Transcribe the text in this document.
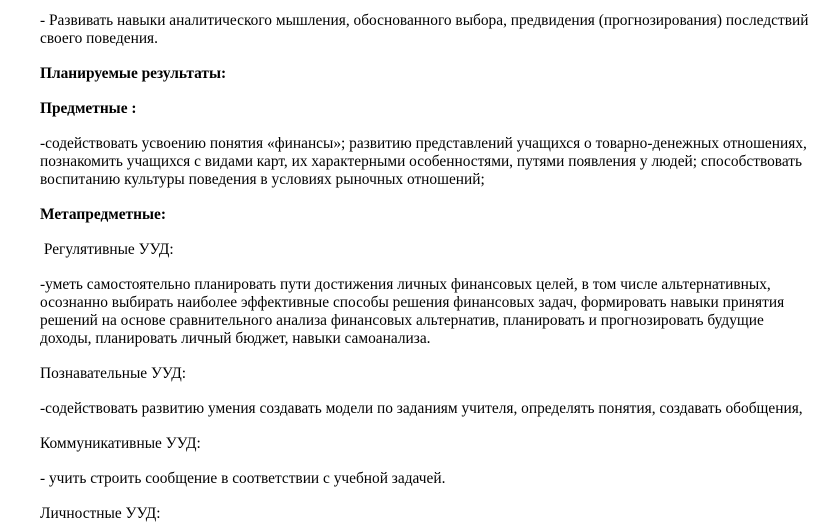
- Развивать навыки аналитического мышления, обоснованного выбора, предвидения (прогнозирования) последствий своего поведения.

Планируемые результаты:

Предметные :

-содействовать усвоению понятия «финансы»; развитию представлений учащихся о товарно-денежных отношениях, познакомить учащихся с видами карт, их характерными особенностями, путями появления у людей; способствовать воспитанию культуры поведения в условиях рыночных отношений;

Метапредметные:

Регулятивные УУД:

-уметь самостоятельно планировать пути достижения личных финансовых целей, в том числе альтернативных, осознанно выбирать наиболее эффективные способы решения финансовых задач, формировать навыки принятия решений на основе сравнительного анализа финансовых альтернатив, планировать и прогнозировать будущие доходы, планировать личный бюджет, навыки самоанализа.

Познавательные УУД:

-содействовать развитию умения создавать модели по заданиям учителя, определять понятия, создавать обобщения,

Коммуникативные УУД:

- учить строить сообщение в соответствии с учебной задачей.

Личностные УУД:
